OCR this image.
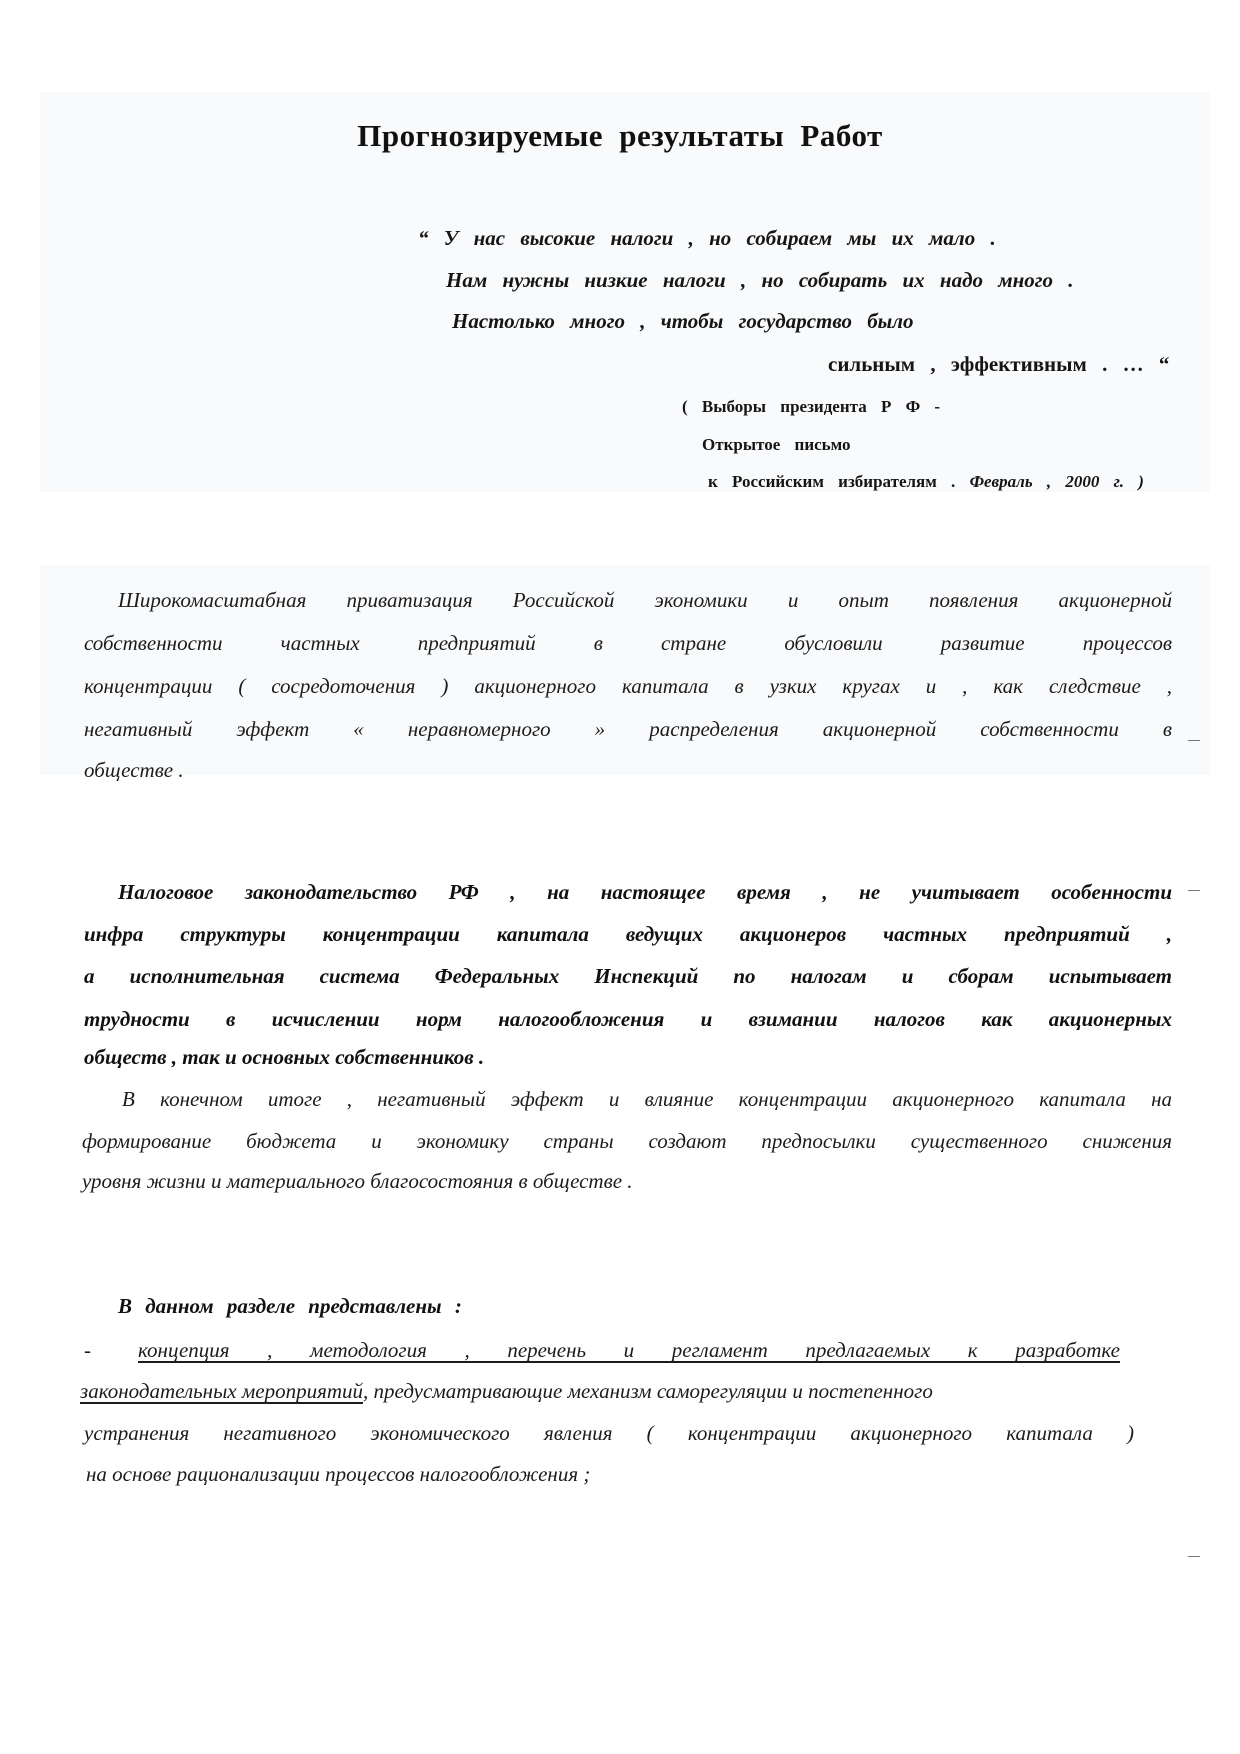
Прогнозируемые результаты Работ
“ У нас высокие налоги , но собираем мы их мало .
Нам нужны низкие налоги , но собирать их надо много .
Настолько много , чтобы государство было
сильным , эффективным . … “
( Выборы президента Р Ф -
Открытое письмо
к Российским избирателям . Февраль , 2000 г. )
Широкомасштабная приватизация Российской экономики и опыт появления акционерной
собственности частных предприятий в стране обусловили развитие процессов
концентрации ( сосредоточения ) акционерного капитала в узких кругах и , как следствие ,
негативный эффект « неравномерного » распределения акционерной собственности в
обществе .
Налоговое законодательство РФ , на настоящее время , не учитывает особенности
инфра структуры концентрации капитала ведущих акционеров частных предприятий ,
а исполнительная система Федеральных Инспекций по налогам и сборам испытывает
трудности в исчислении норм налогообложения и взимании налогов как акционерных
обществ , так и основных собственников .
В конечном итоге , негативный эффект и влияние концентрации акционерного капитала на
формирование бюджета и экономику страны создают предпосылки существенного снижения
уровня жизни и материального благосостояния в обществе .
В данном разделе представлены :
-	концепция , методология , перечень и регламент предлагаемых к разработке
законодательных мероприятий, предусматривающие механизм саморегуляции и постепенного
устранения негативного экономического явления ( концентрации акционерного капитала )
на основе рационализации процессов налогообложения ;
